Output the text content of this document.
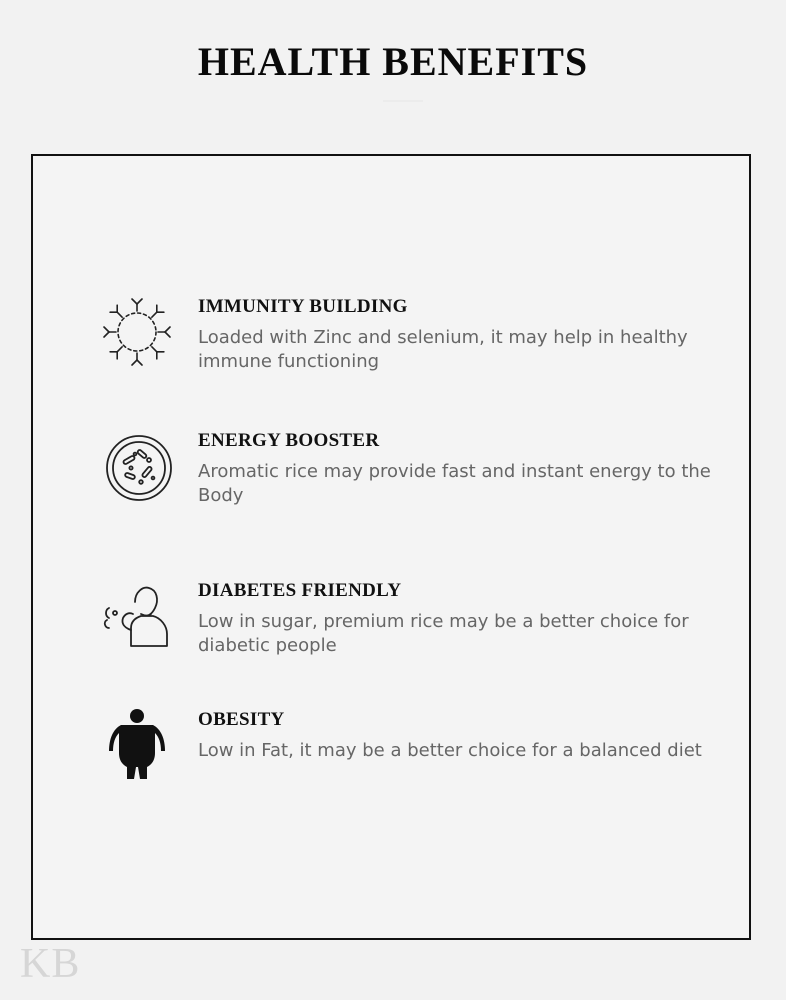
HEALTH BENEFITS
IMMUNITY BUILDING
Loaded with Zinc and selenium, it may help in healthy immune functioning
ENERGY BOOSTER
Aromatic rice may provide fast and instant energy to the Body
DIABETES FRIENDLY
Low in sugar, premium rice may be a better choice for diabetic people
OBESITY
Low in Fat, it may be a better choice for a balanced diet
KB
